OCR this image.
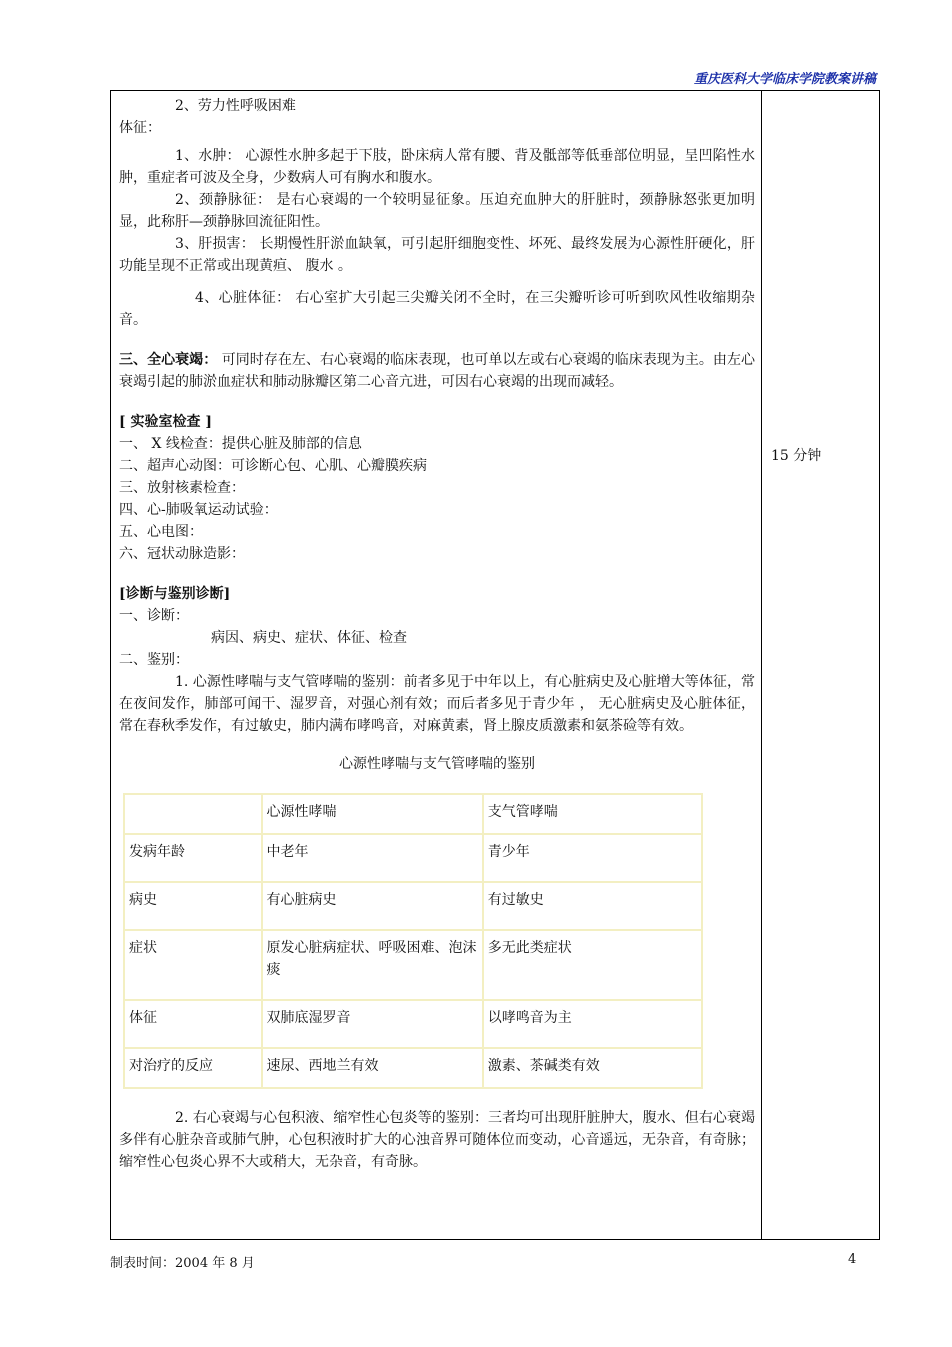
重庆医科大学临床学院教案讲稿

2、劳力性呼吸困难

体征：

1、水肿： 心源性水肿多起于下肢，卧床病人常有腰、背及骶部等低垂部位明显，呈凹陷性水肿，重症者可波及全身，少数病人可有胸水和腹水。

2、颈静脉征： 是右心衰竭的一个较明显征象。压迫充血肿大的肝脏时，颈静脉怒张更加明显，此称肝—颈静脉回流征阳性。

3、肝损害： 长期慢性肝淤血缺氧，可引起肝细胞变性、坏死、最终发展为心源性肝硬化，肝功能呈现不正常或出现黄疸、 腹水 。

4、心脏体征： 右心室扩大引起三尖瓣关闭不全时，在三尖瓣听诊可听到吹风性收缩期杂音。

三、全心衰竭： 可同时存在左、右心衰竭的临床表现，也可单以左或右心衰竭的临床表现为主。由左心衰竭引起的肺淤血症状和肺动脉瓣区第二心音亢进，可因右心衰竭的出现而减轻。

[ 实验室检查 ]

一、 X 线检查：提供心脏及肺部的信息

二、超声心动图：可诊断心包、心肌、心瓣膜疾病

三、放射核素检查：

四、心-肺吸氧运动试验：

五、心电图：

六、冠状动脉造影：

[诊断与鉴别诊断]

一、诊断：

病因、病史、症状、体征、检查

二、鉴别：

1. 心源性哮喘与支气管哮喘的鉴别：前者多见于中年以上，有心脏病史及心脏增大等体征，常在夜间发作，肺部可闻干、湿罗音，对强心剂有效；而后者多见于青少年 ， 无心脏病史及心脏体征，常在春秋季发作，有过敏史，肺内满布哮鸣音，对麻黄素，肾上腺皮质激素和氨茶硷等有效。

心源性哮喘与支气管哮喘的鉴别

	心源性哮喘	支气管哮喘
发病年龄	中老年	青少年
病史	有心脏病史	有过敏史
症状	原发心脏病症状、呼吸困难、泡沫痰	多无此类症状
体征	双肺底湿罗音	以哮鸣音为主
对治疗的反应	速尿、西地兰有效	激素、茶碱类有效

2. 右心衰竭与心包积液、缩窄性心包炎等的鉴别：三者均可出现肝脏肿大，腹水、但右心衰竭多伴有心脏杂音或肺气肿，心包积液时扩大的心浊音界可随体位而变动，心音遥远，无杂音，有奇脉；缩窄性心包炎心界不大或稍大，无杂音，有奇脉。

15 分钟
制表时间：2004 年 8 月	4
